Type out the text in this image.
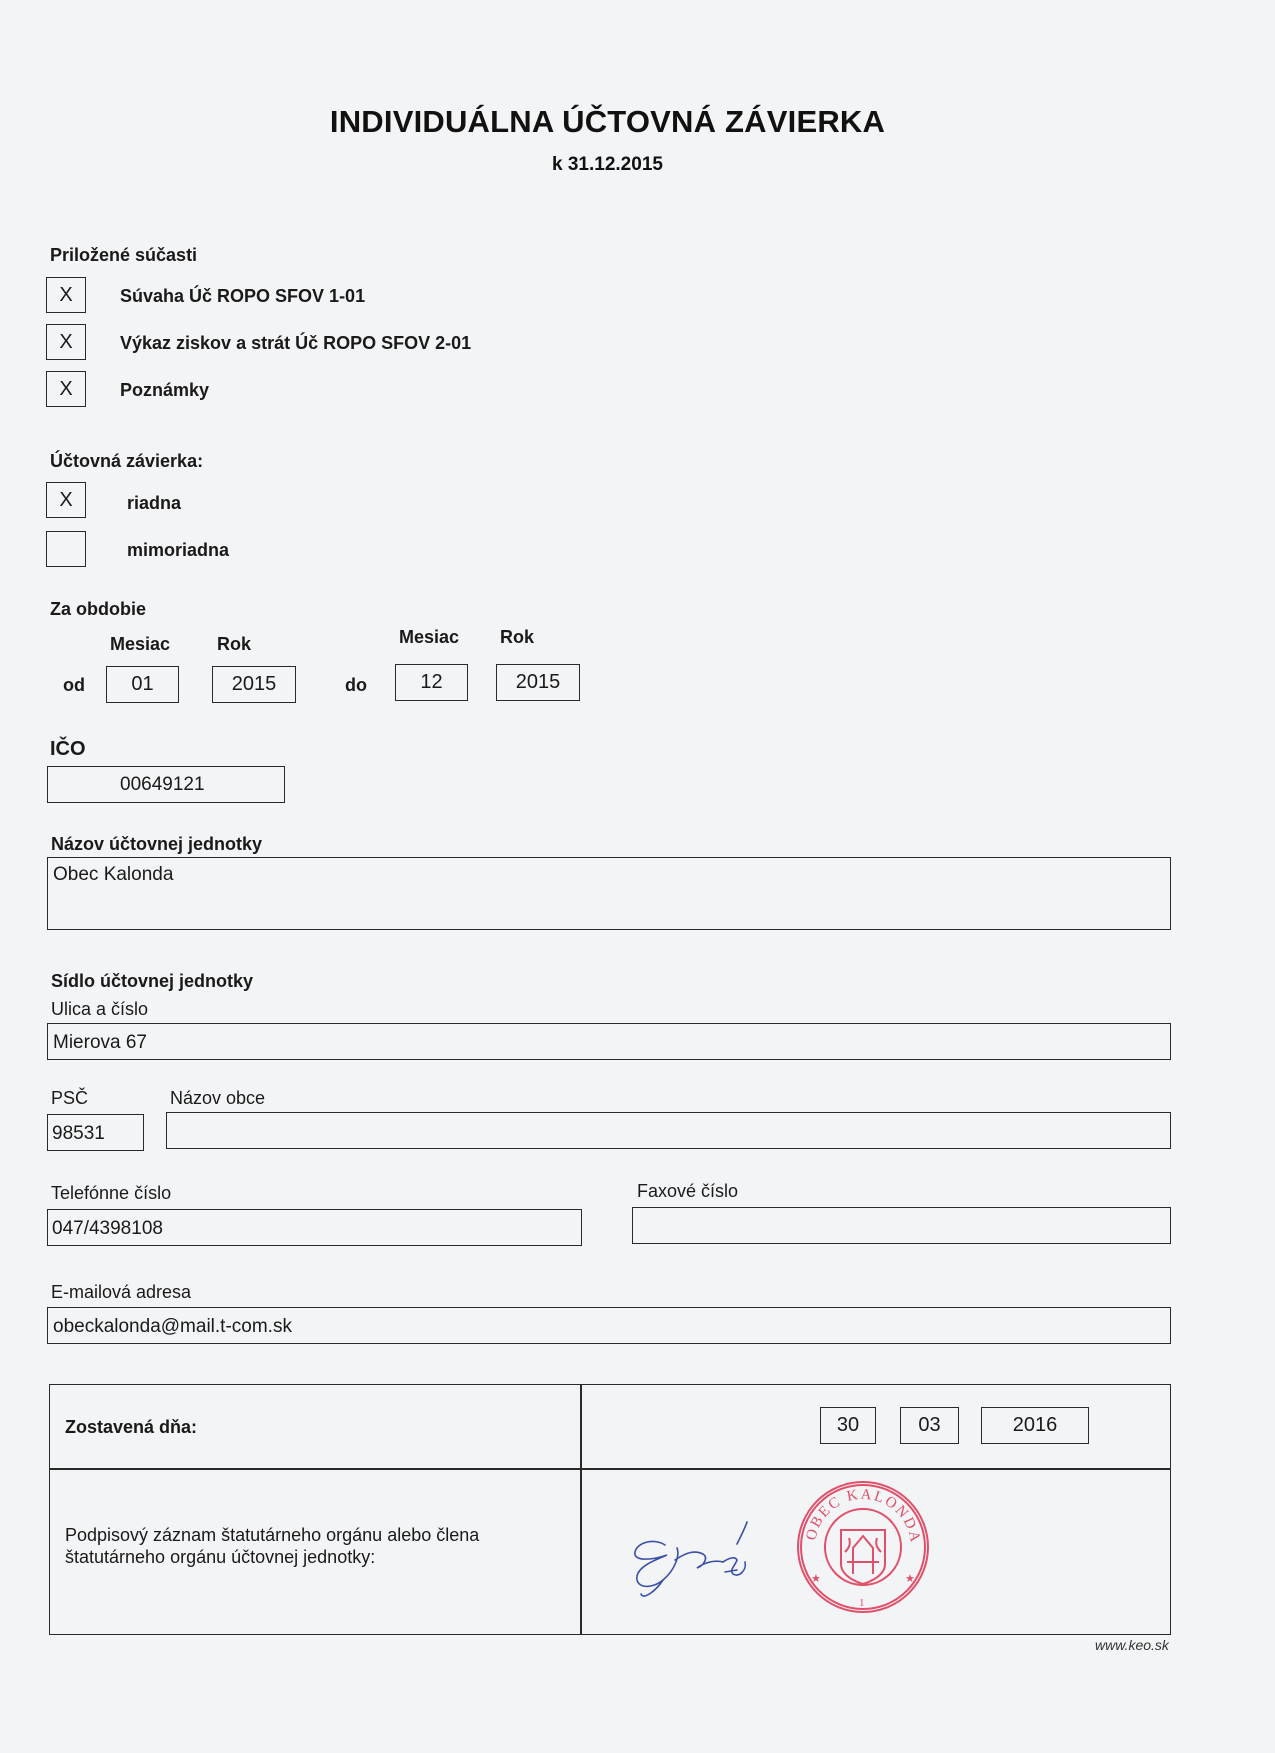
INDIVIDUÁLNA ÚČTOVNÁ ZÁVIERKA
k 31.12.2015
Priložené súčasti
X	Súvaha Úč ROPO SFOV 1-01
X	Výkaz ziskov a strát Úč ROPO SFOV 2-01
X	Poznámky
Účtovná závierka:
X	riadna
mimoriadna
Za obdobie
Mesiac	Rok	Mesiac Rok
od	01	2015	do	12	2015
IČO
00649121
Názov účtovnej jednotky
Obec Kalonda
Sídlo účtovnej jednotky
Ulica a číslo
Mierova 67
PSČ	Názov obce
98531
Telefónne číslo	Faxové číslo
047/4398108
E-mailová adresa
obeckalonda@mail.t-com.sk
Zostavená dňa:	30	03	2016
Podpisový záznam štatutárneho orgánu alebo člena
štatutárneho orgánu účtovnej jednotky:
OBEC KALONDA
1
★	★
www.keo.sk
